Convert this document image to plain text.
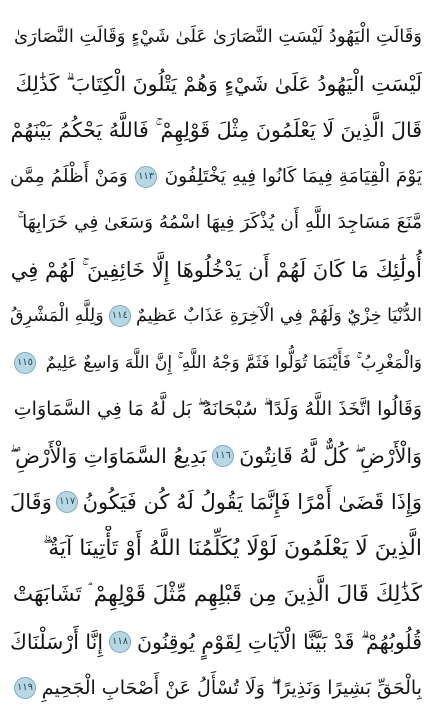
وَقَالَتِ الْيَهُودُ لَيْسَتِ النَّصَارَىٰ عَلَىٰ شَيْءٍ وَقَالَتِ النَّصَارَىٰ
لَيْسَتِ الْيَهُودُ عَلَىٰ شَيْءٍ وَهُمْ يَتْلُونَ الْكِتَابَ ۗ كَذَٰلِكَ
قَالَ الَّذِينَ لَا يَعْلَمُونَ مِثْلَ قَوْلِهِمْ ۚ فَاللَّهُ يَحْكُمُ بَيْنَهُمْ
يَوْمَ الْقِيَامَةِ فِيمَا كَانُوا فِيهِ يَخْتَلِفُونَ
١١٣
وَمَنْ أَظْلَمُ مِمَّن
مَّنَعَ مَسَاجِدَ اللَّهِ أَن يُذْكَرَ فِيهَا اسْمُهُ وَسَعَىٰ فِي خَرَابِهَا ۚ
أُولَٰئِكَ مَا كَانَ لَهُمْ أَن يَدْخُلُوهَا إِلَّا خَائِفِينَ ۚ لَهُمْ فِي
الدُّنْيَا خِزْيٌ وَلَهُمْ فِي الْآخِرَةِ عَذَابٌ عَظِيمٌ
١١٤
وَلِلَّهِ الْمَشْرِقُ
وَالْمَغْرِبُ ۚ فَأَيْنَمَا تُوَلُّوا فَثَمَّ وَجْهُ اللَّهِ ۚ إِنَّ اللَّهَ وَاسِعٌ عَلِيمٌ
١١٥
وَقَالُوا اتَّخَذَ اللَّهُ وَلَدًا ۗ سُبْحَانَهُ ۖ بَل لَّهُ مَا فِي السَّمَاوَاتِ
وَالْأَرْضِ ۖ كُلٌّ لَّهُ قَانِتُونَ
١١٦
بَدِيعُ السَّمَاوَاتِ وَالْأَرْضِ ۖ
وَإِذَا قَضَىٰ أَمْرًا فَإِنَّمَا يَقُولُ لَهُ كُن فَيَكُونُ
١١٧
وَقَالَ
الَّذِينَ لَا يَعْلَمُونَ لَوْلَا يُكَلِّمُنَا اللَّهُ أَوْ تَأْتِينَا آيَةٌ ۗ
كَذَٰلِكَ قَالَ الَّذِينَ مِن قَبْلِهِم مِّثْلَ قَوْلِهِمْ ۘ تَشَابَهَتْ
قُلُوبُهُمْ ۗ قَدْ بَيَّنَّا الْآيَاتِ لِقَوْمٍ يُوقِنُونَ
١١٨
إِنَّا أَرْسَلْنَاكَ
بِالْحَقِّ بَشِيرًا وَنَذِيرًا ۖ وَلَا تُسْأَلُ عَنْ أَصْحَابِ الْجَحِيمِ
١١٩
